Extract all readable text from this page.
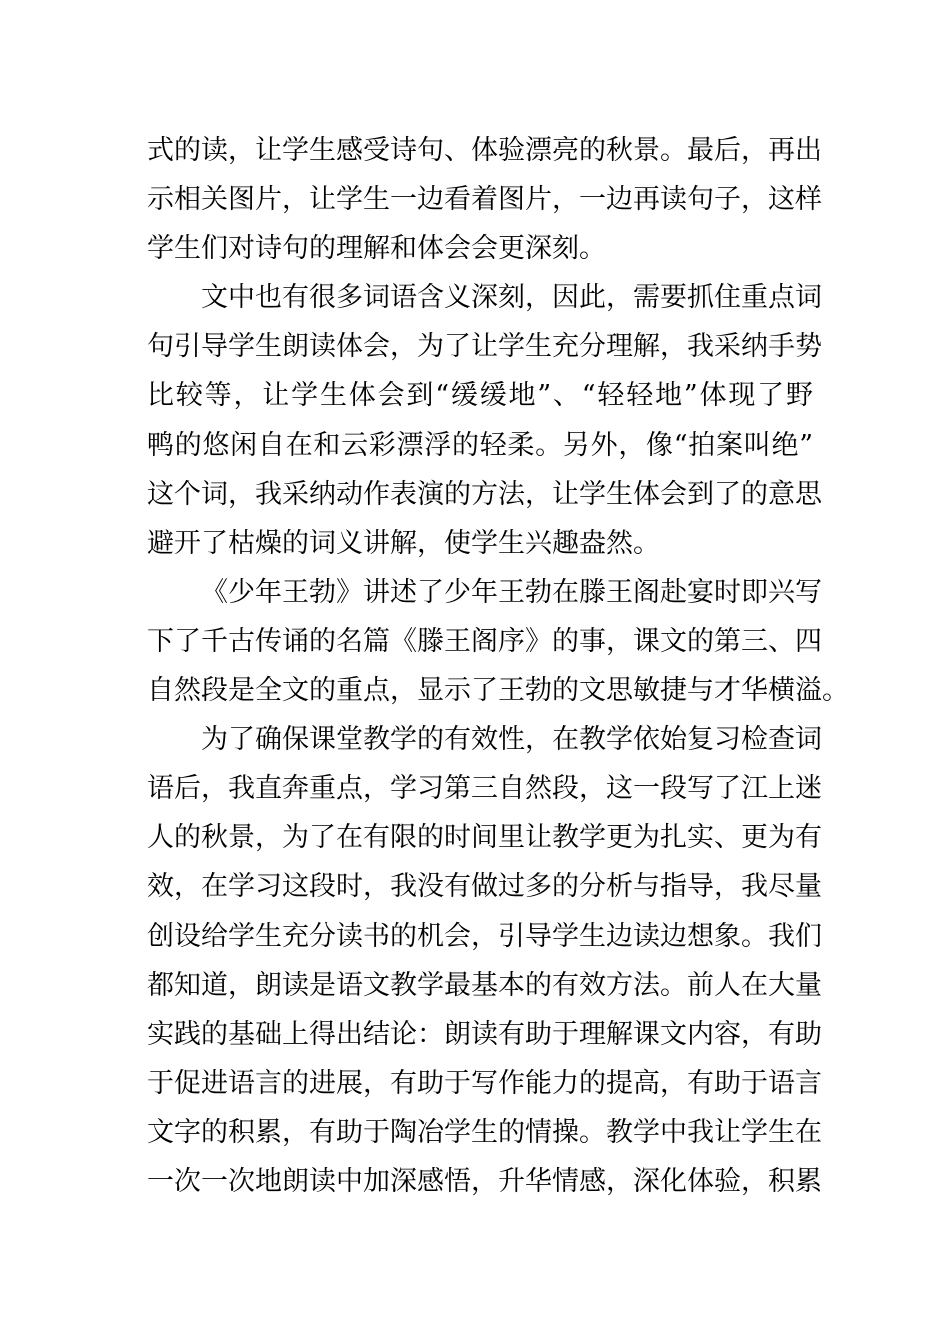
式的读，让学生感受诗句、体验漂亮的秋景。最后，再出
示相关图片，让学生一边看着图片，一边再读句子，这样
学生们对诗句的理解和体会会更深刻。
文中也有很多词语含义深刻，因此，需要抓住重点词
句引导学生朗读体会，为了让学生充分理解，我采纳手势
比较等，让学生体会到“缓缓地”、“轻轻地”体现了野
鸭的悠闲自在和云彩漂浮的轻柔。另外，像“拍案叫绝”
这个词，我采纳动作表演的方法，让学生体会到了的意思
避开了枯燥的词义讲解，使学生兴趣盎然。
《少年王勃》讲述了少年王勃在滕王阁赴宴时即兴写
下了千古传诵的名篇《滕王阁序》的事，课文的第三、四
自然段是全文的重点，显示了王勃的文思敏捷与才华横溢。
为了确保课堂教学的有效性，在教学依始复习检查词
语后，我直奔重点，学习第三自然段，这一段写了江上迷
人的秋景，为了在有限的时间里让教学更为扎实、更为有
效，在学习这段时，我没有做过多的分析与指导，我尽量
创设给学生充分读书的机会，引导学生边读边想象。我们
都知道，朗读是语文教学最基本的有效方法。前人在大量
实践的基础上得出结论：朗读有助于理解课文内容，有助
于促进语言的进展，有助于写作能力的提高，有助于语言
文字的积累，有助于陶冶学生的情操。教学中我让学生在
一次一次地朗读中加深感悟，升华情感，深化体验，积累
